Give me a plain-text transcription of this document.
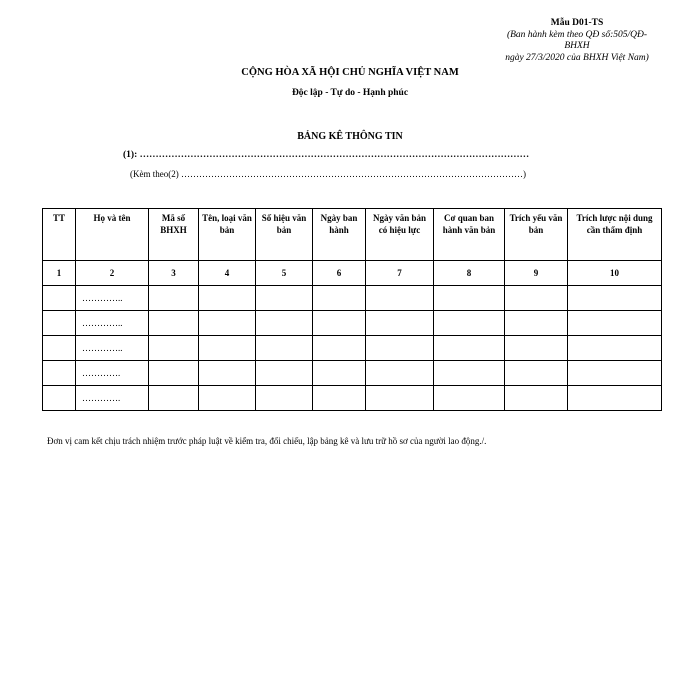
Mẫu D01-TS
(Ban hành kèm theo QĐ số:505/QĐ-
BHXH
ngày 27/3/2020 của BHXH Việt Nam)
CỘNG HÒA XÃ HỘI CHỦ NGHĨA VIỆT NAM
Độc lập - Tự do - Hạnh phúc
BẢNG KÊ THÔNG TIN
(1): ……………………………………………………………………………………………………………
(Kèm theo(2) ……………………………………………………………………………………………………)
TT	Họ và tên	Mã số BHXH	Tên, loại văn bản	Số hiệu văn bản	Ngày ban hành	Ngày văn bản có hiệu lực	Cơ quan ban hành văn bản	Trích yếu văn bản	Trích lược nội dung cần thẩm định
1	2	3	4	5	6	7	8	9	10
	…………..								
	…………..								
	…………..								
	………….								
	………….								
Đơn vị cam kết chịu trách nhiệm trước pháp luật về kiểm tra, đối chiếu, lập bảng kê và lưu trữ hồ sơ của người lao động./.
